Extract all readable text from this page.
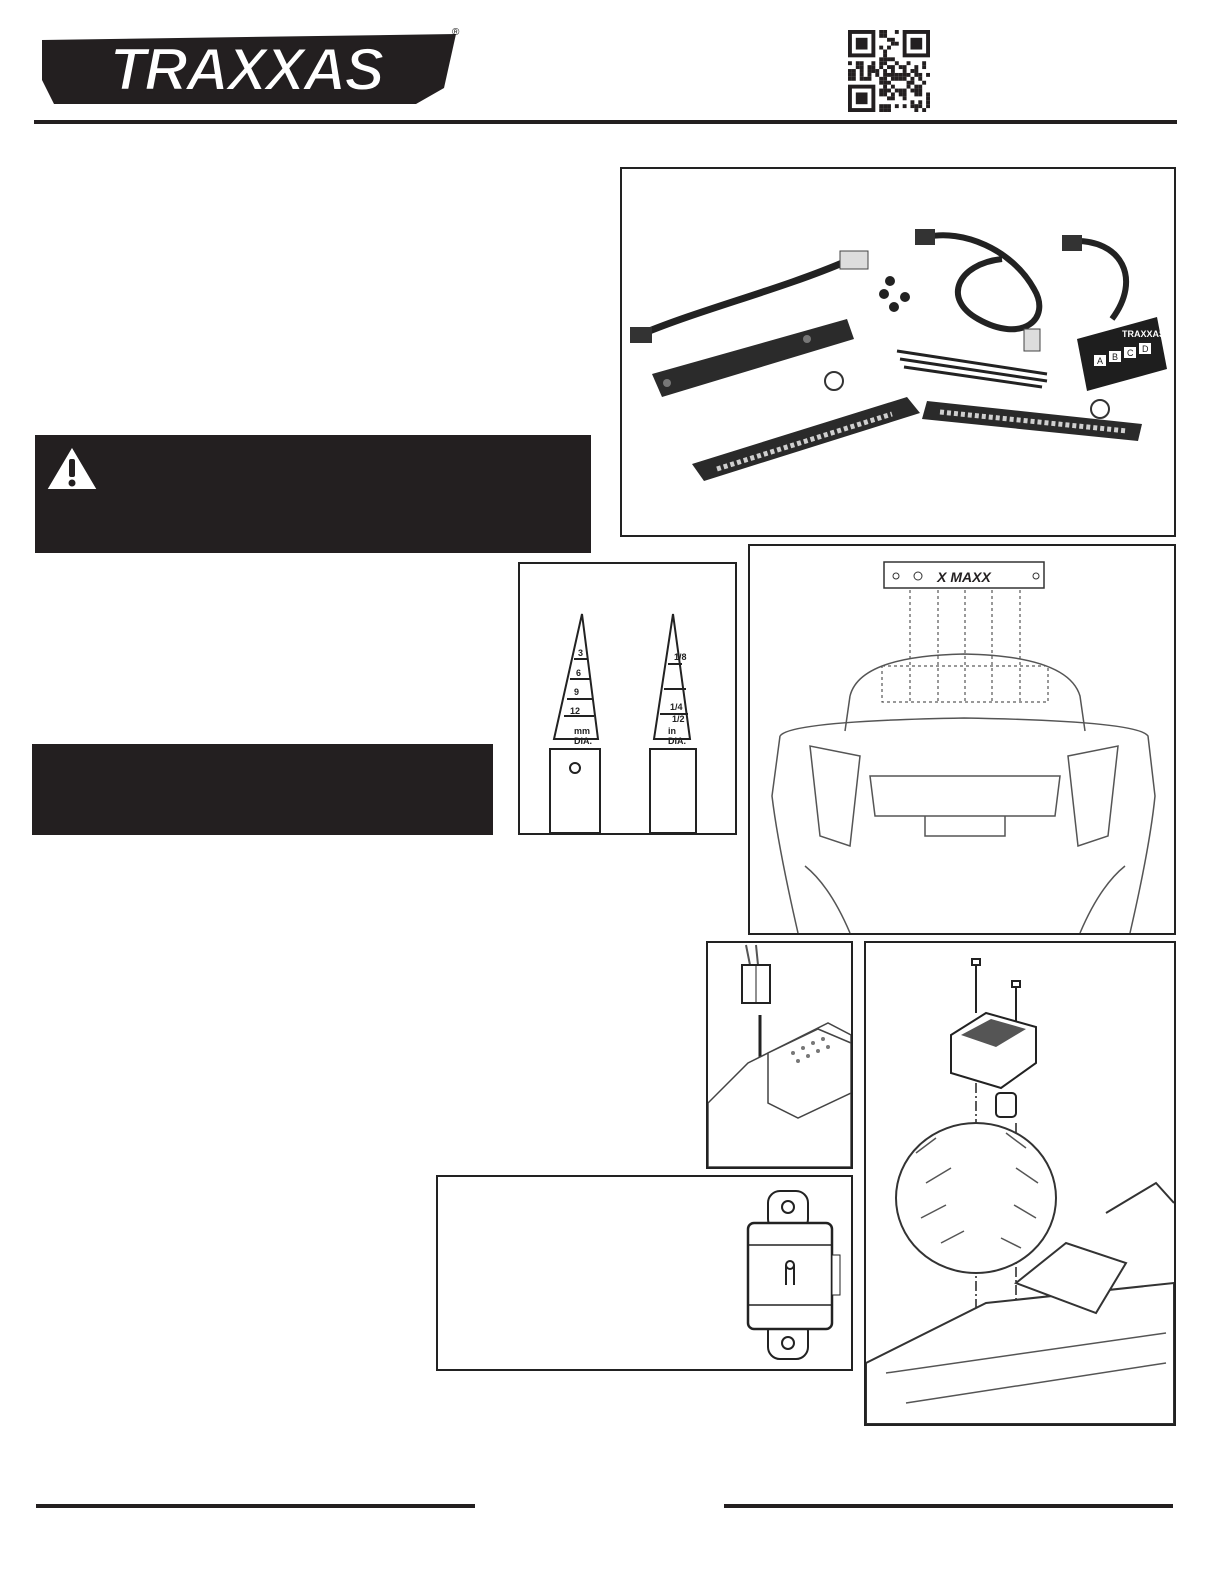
TRAXXAS
®
TRAXXAS
A B C D
3
6
9
12
mm
DIA.
1/8
1/4
1/2
in
DIA.
X MAXX
